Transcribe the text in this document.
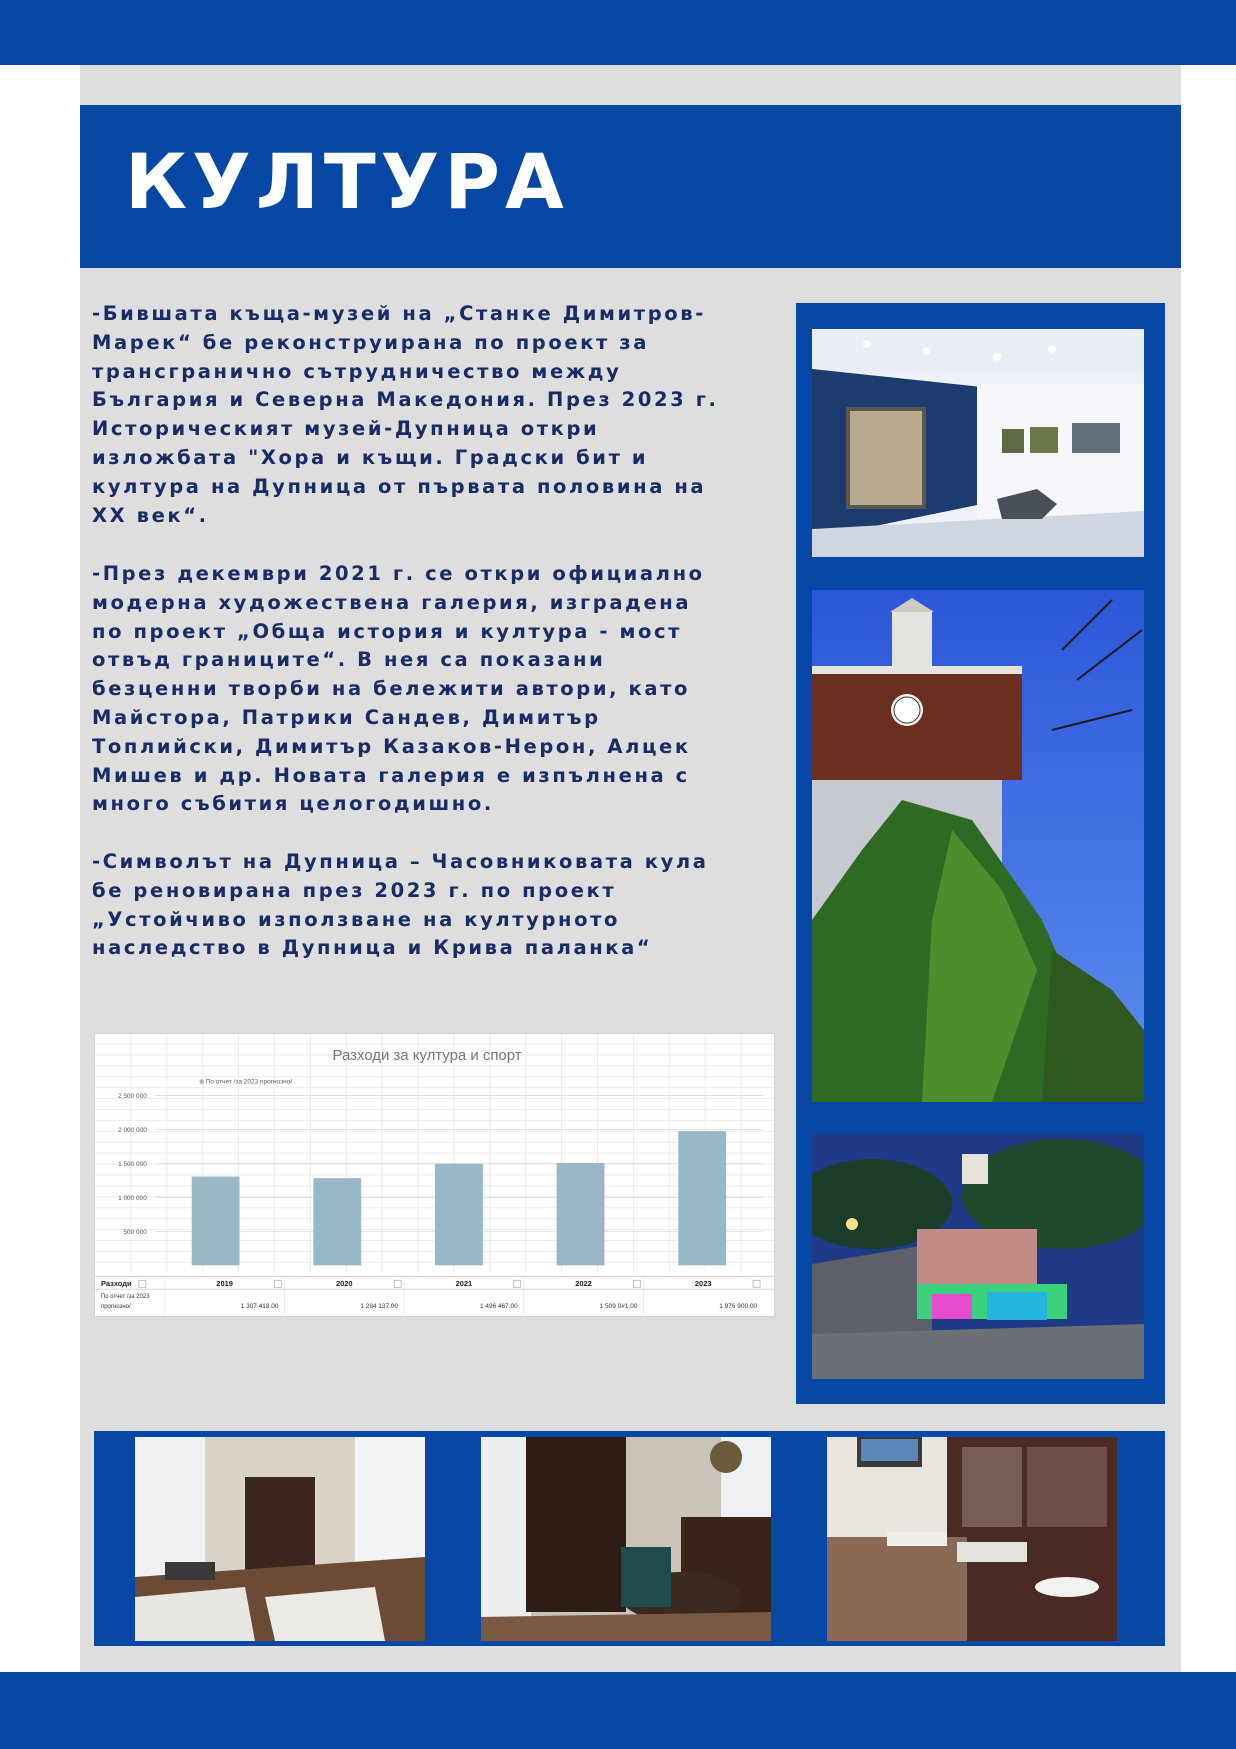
КУЛТУРА
-Бившата къща-музей на „Станке Димитров-
Марек“ бе реконструирана по проект за
трансгранично сътрудничество между
България и Северна Македония. През 2023 г.
Историческият музей-Дупница откри
изложбата "Хора и къщи. Градски бит и
култура на Дупница от първата половина на
XX век“.
-През декември 2021 г. се откри официално
модерна художествена галерия, изградена
по проект „Обща история и култура - мост
отвъд границите“. В нея са показани
безценни творби на бележити автори, като
Майстора, Патрики Сандев, Димитър
Топлийски, Димитър Казаков-Нерон, Алцек
Мишев и др. Новата галерия е изпълнена с
много събития целогодишно.
-Символът на Дупница – Часовниковата кула
бе реновирана през 2023 г. по проект
„Устойчиво използване на културното
наследство в Дупница и Крива паланка“
Разходи за култура и спорт
По отчет /за 2023 прогнозно/
500 000
1 000 000
1 500 000
2 000 000
2 500 000
Разходи
По отчет /за 2023
прогнозно/
2019
1 307 418.00
2020
1 284 137.00
2021
1 496 467.00
2022
1 509 0#1.00
2023
1 976 900.00
